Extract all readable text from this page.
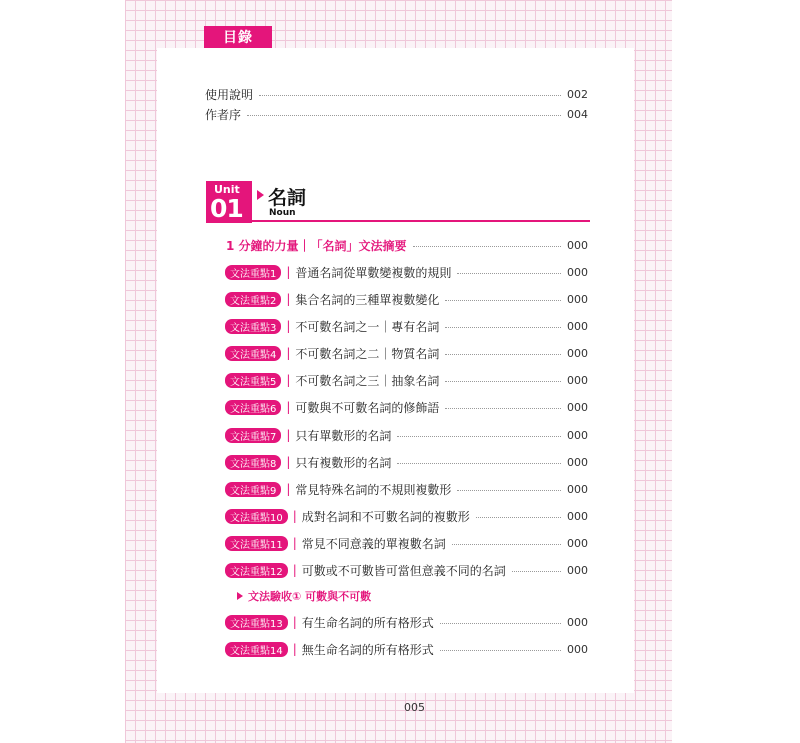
目錄
使用說明	002
作者序	004
Unit
01 名詞
Noun
1 分鐘的力量｜「名詞」文法摘要	000
文法重點1 | 普通名詞從單數變複數的規則	000
文法重點2 | 集合名詞的三種單複數變化	000
文法重點3 | 不可數名詞之一｜專有名詞	000
文法重點4 | 不可數名詞之二｜物質名詞	000
文法重點5 | 不可數名詞之三｜抽象名詞	000
文法重點6 | 可數與不可數名詞的修飾語	000
文法重點7 | 只有單數形的名詞	000
文法重點8 | 只有複數形的名詞	000
文法重點9 | 常見特殊名詞的不規則複數形	000
文法重點10 | 成對名詞和不可數名詞的複數形	000
文法重點11 | 常見不同意義的單複數名詞	000
文法重點12 | 可數或不可數皆可當但意義不同的名詞	000
文法驗收① 可數與不可數
文法重點13 | 有生命名詞的所有格形式	000
文法重點14 | 無生命名詞的所有格形式	000
005
